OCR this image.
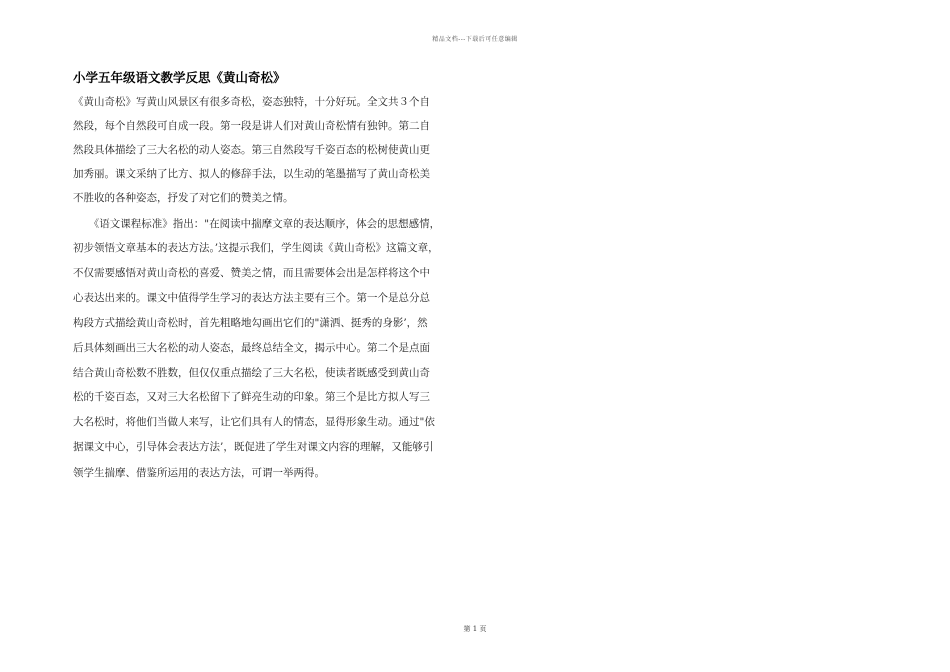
精品文档---下载后可任意编辑
小学五年级语文教学反思《黄山奇松》
《黄山奇松》写黄山风景区有很多奇松，姿态独特，十分好玩。全文共３个自
然段，每个自然段可自成一段。第一段是讲人们对黄山奇松情有独钟。第二自
然段具体描绘了三大名松的动人姿态。第三自然段写千姿百态的松树使黄山更
加秀丽。课文采纳了比方、拟人的修辞手法，以生动的笔墨描写了黄山奇松美
不胜收的各种姿态，抒发了对它们的赞美之情。
　　《语文课程标准》指出："在阅读中揣摩文章的表达顺序，体会的思想感情，
初步领悟文章基本的表达方法。’这提示我们，学生阅读《黄山奇松》这篇文章，
不仅需要感悟对黄山奇松的喜爱、赞美之情，而且需要体会出是怎样将这个中
心表达出来的。课文中值得学生学习的表达方法主要有三个。第一个是总分总
构段方式描绘黄山奇松时，首先粗略地勾画出它们的"潇洒、挺秀的身影’，然
后具体刻画出三大名松的动人姿态，最终总结全文，揭示中心。第二个是点面
结合黄山奇松数不胜数，但仅仅重点描绘了三大名松，使读者既感受到黄山奇
松的千姿百态，又对三大名松留下了鲜亮生动的印象。第三个是比方拟人写三
大名松时，将他们当做人来写，让它们具有人的情态，显得形象生动。通过"依
据课文中心，引导体会表达方法’，既促进了学生对课文内容的理解，又能够引
领学生揣摩、借鉴所运用的表达方法，可谓一举两得。
第 1 页
